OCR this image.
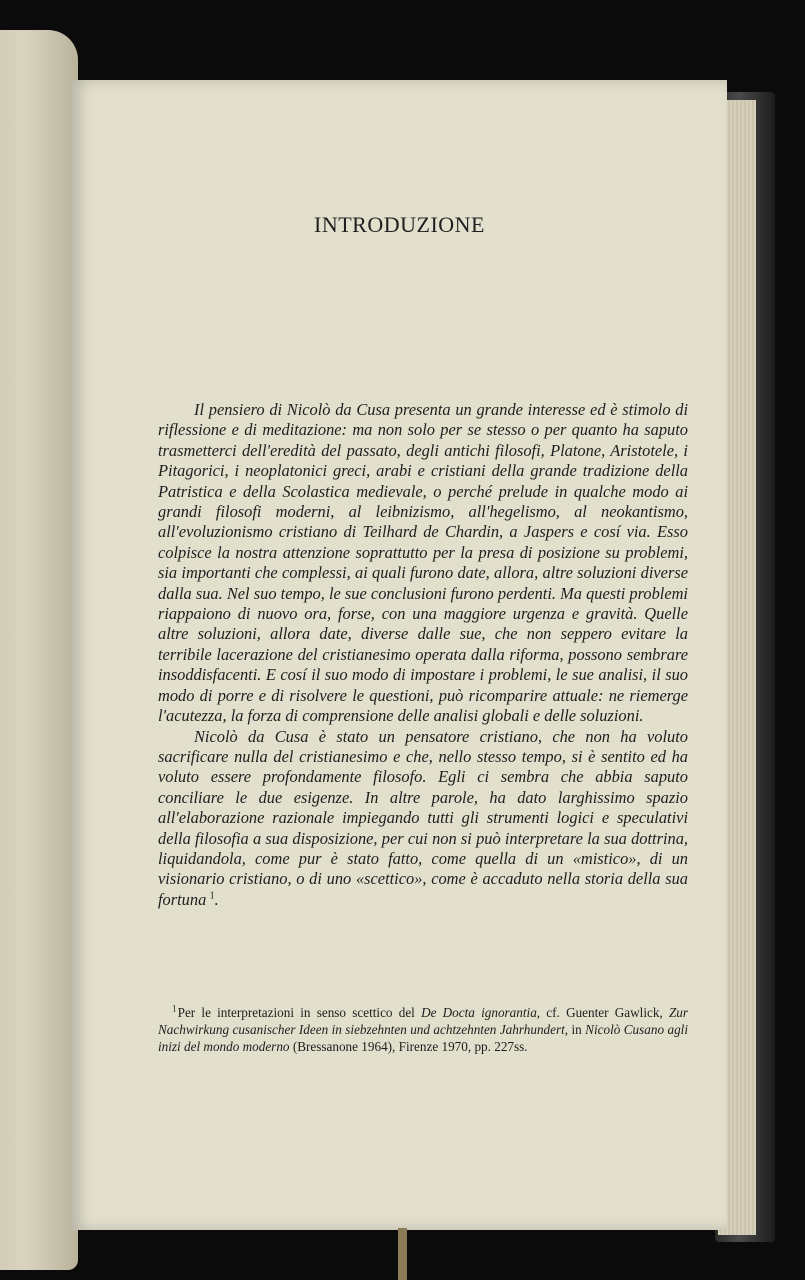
INTRODUZIONE

Il pensiero di Nicolò da Cusa presenta un grande interesse ed è stimolo di riflessione e di meditazione: ma non solo per se stesso o per quanto ha saputo trasmetterci dell'eredità del passato, degli antichi filosofi, Platone, Aristotele, i Pitagorici, i neoplatonici greci, arabi e cristiani della grande tradizione della Patristica e della Scolastica medievale, o perché prelude in qualche modo ai grandi filosofi moderni, al leibnizismo, all'hegelismo, al neokantismo, all'evoluzionismo cristiano di Teilhard de Chardin, a Jaspers e cosí via. Esso colpisce la nostra attenzione soprattutto per la presa di posizione su problemi, sia importanti che complessi, ai quali furono date, allora, altre soluzioni diverse dalla sua. Nel suo tempo, le sue conclusioni furono perdenti. Ma questi problemi riappaiono di nuovo ora, forse, con una maggiore urgenza e gravità. Quelle altre soluzioni, allora date, diverse dalle sue, che non seppero evitare la terribile lacerazione del cristianesimo operata dalla riforma, possono sembrare insoddisfacenti. E cosí il suo modo di impostare i problemi, le sue analisi, il suo modo di porre e di risolvere le questioni, può ricomparire attuale: ne riemerge l'acutezza, la forza di comprensione delle analisi globali e delle soluzioni.

Nicolò da Cusa è stato un pensatore cristiano, che non ha voluto sacrificare nulla del cristianesimo e che, nello stesso tempo, si è sentito ed ha voluto essere profondamente filosofo. Egli ci sembra che abbia saputo conciliare le due esigenze. In altre parole, ha dato larghissimo spazio all'elaborazione razionale impiegando tutti gli strumenti logici e speculativi della filosofia a sua disposizione, per cui non si può interpretare la sua dottrina, liquidandola, come pur è stato fatto, come quella di un «mistico», di un visionario cristiano, o di uno «scettico», come è accaduto nella storia della sua fortuna  $^1$.

$^1$ Per le interpretazioni in senso scettico del De Docta ignorantia, cf. Guenter Gawlick, Zur Nachwirkung cusanischer Ideen in siebzehnten und achtzehnten Jahrhundert, in Nicolò Cusano agli inizi del mondo moderno (Bressanone 1964), Firenze 1970, pp. 227ss.
